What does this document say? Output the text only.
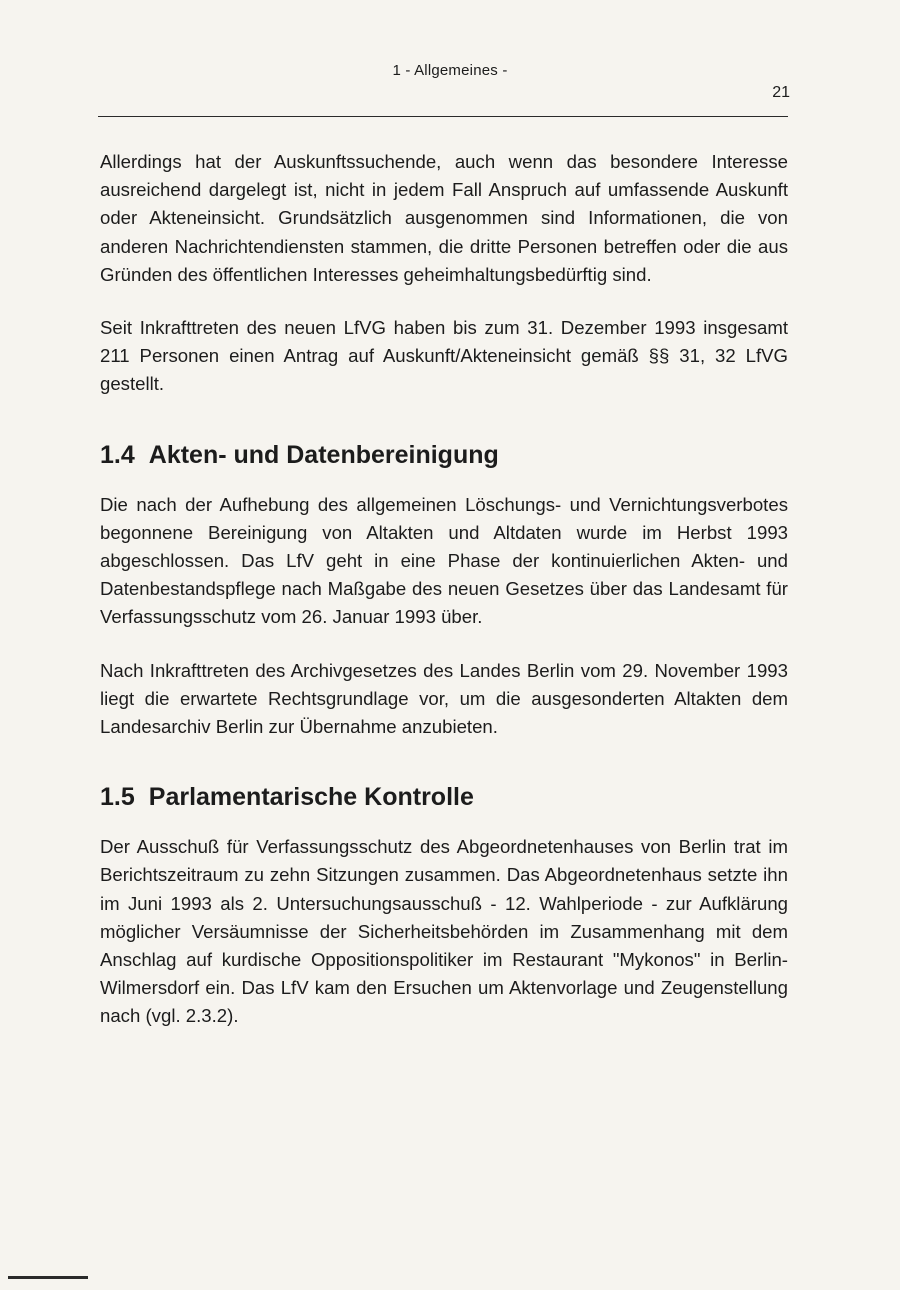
1 - Allgemeines -
21

Allerdings hat der Auskunftssuchende, auch wenn das besondere Interesse ausreichend dargelegt ist, nicht in jedem Fall Anspruch auf umfassende Auskunft oder Akteneinsicht. Grundsätzlich ausgenommen sind Informationen, die von anderen Nachrichtendiensten stammen, die dritte Personen betreffen oder die aus Gründen des öffentlichen Interesses geheimhaltungsbedürftig sind.

Seit Inkrafttreten des neuen LfVG haben bis zum 31. Dezember 1993 insgesamt 211 Personen einen Antrag auf Auskunft/Akteneinsicht gemäß §§ 31, 32 LfVG gestellt.

1.4 Akten- und Datenbereinigung

Die nach der Aufhebung des allgemeinen Löschungs- und Vernichtungsverbotes begonnene Bereinigung von Altakten und Altdaten wurde im Herbst 1993 abgeschlossen. Das LfV geht in eine Phase der kontinuierlichen Akten- und Datenbestandspflege nach Maßgabe des neuen Gesetzes über das Landesamt für Verfassungsschutz vom 26. Januar 1993 über.

Nach Inkrafttreten des Archivgesetzes des Landes Berlin vom 29. November 1993 liegt die erwartete Rechtsgrundlage vor, um die ausgesonderten Altakten dem Landesarchiv Berlin zur Übernahme anzubieten.

1.5 Parlamentarische Kontrolle

Der Ausschuß für Verfassungsschutz des Abgeordnetenhauses von Berlin trat im Berichtszeitraum zu zehn Sitzungen zusammen. Das Abgeordnetenhaus setzte ihn im Juni 1993 als 2. Untersuchungsausschuß - 12. Wahlperiode - zur Aufklärung möglicher Versäumnisse der Sicherheitsbehörden im Zusammenhang mit dem Anschlag auf kurdische Oppositionspolitiker im Restaurant "Mykonos" in Berlin-Wilmersdorf ein. Das LfV kam den Ersuchen um Aktenvorlage und Zeugenstellung nach (vgl. 2.3.2).
